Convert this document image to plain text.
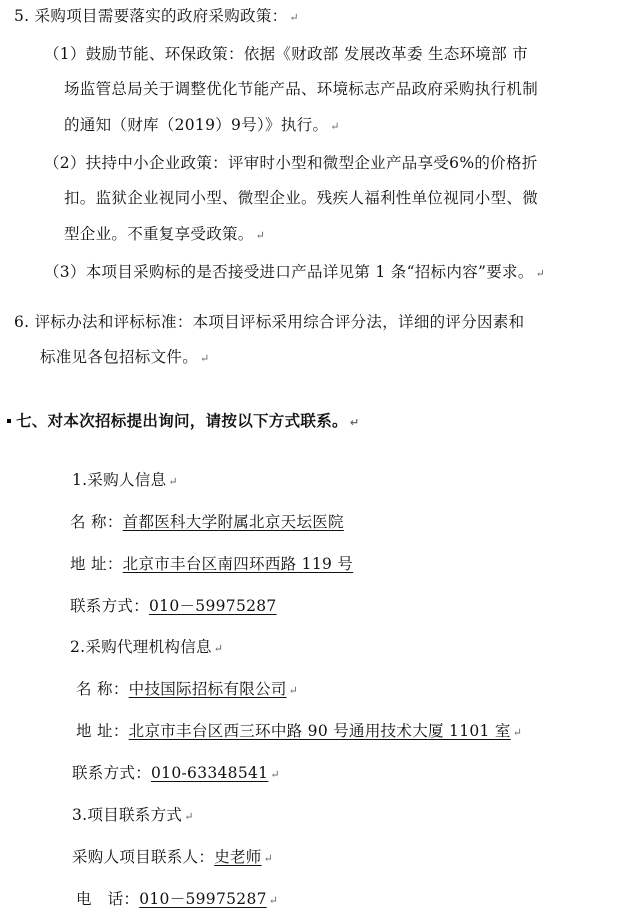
5. 采购项目需要落实的政府采购政策： ↵
（1）鼓励节能、环保政策：依据《财政部 发展改革委 生态环境部 市
场监管总局关于调整优化节能产品、环境标志产品政府采购执行机制
的通知（财库（2019）9号）》执行。 ↵
（2）扶持中小企业政策：评审时小型和微型企业产品享受6%的价格折
扣。监狱企业视同小型、微型企业。残疾人福利性单位视同小型、微
型企业。不重复享受政策。 ↵
（3）本项目采购标的是否接受进口产品详见第 1 条“招标内容”要求。 ↵
6. 评标办法和评标标准：本项目评标采用综合评分法，详细的评分因素和
标准见各包招标文件。 ↵
七、对本次招标提出询问，请按以下方式联系。 ↵
1.采购人信息 ↵
名 称：首都医科大学附属北京天坛医院
地 址：北京市丰台区南四环西路 119 号
联系方式：010－59975287
2.采购代理机构信息 ↵
名 称：中技国际招标有限公司 ↵
地 址：北京市丰台区西三环中路 90 号通用技术大厦 1101 室 ↵
联系方式：010-63348541 ↵
3.项目联系方式 ↵
采购人项目联系人：史老师 ↵
电　话：010－59975287 ↵
